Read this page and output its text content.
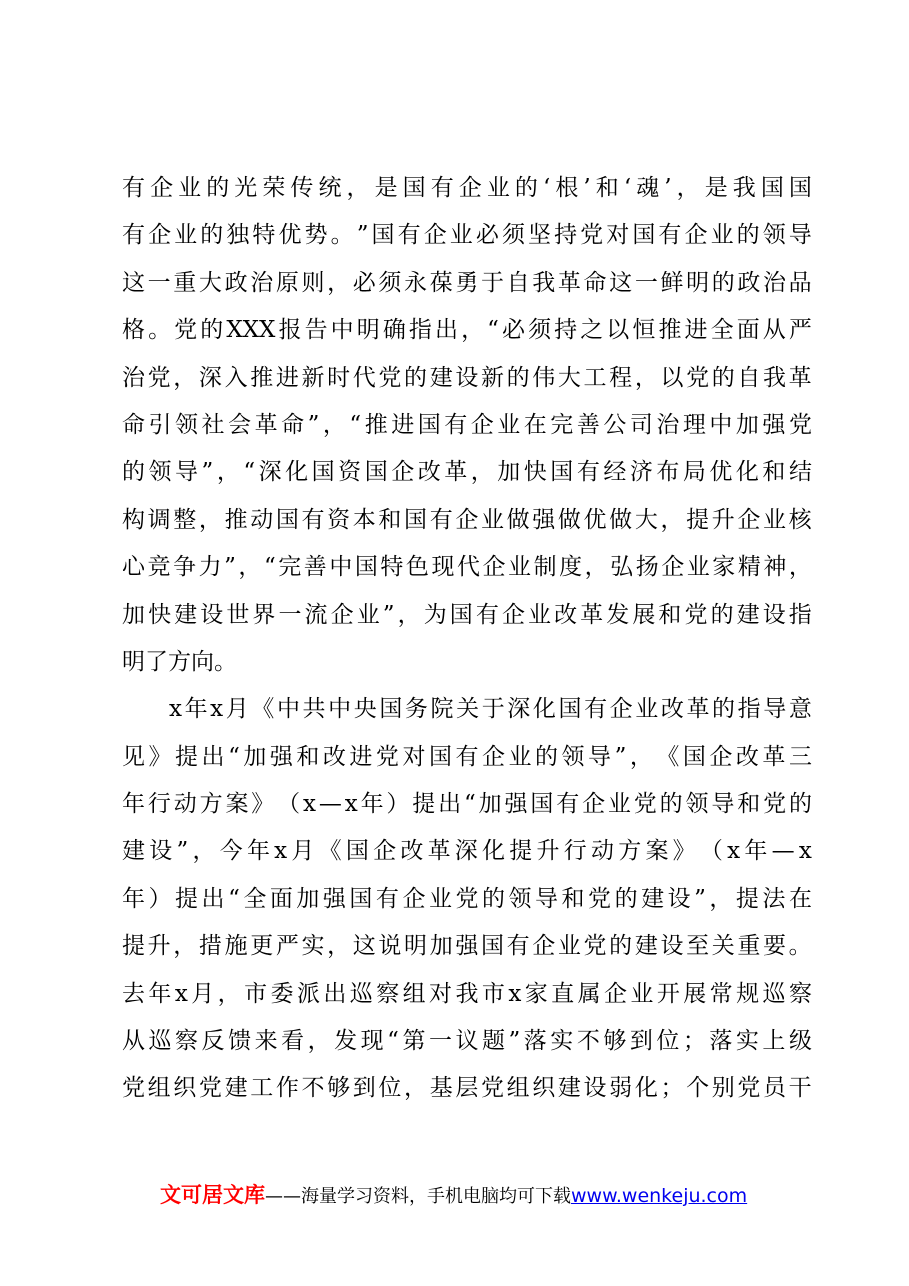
有 企 业 的 光 荣 传 统 ， 是 国 有 企 业 的 ‘ 根 ’ 和 ‘ 魂 ’ ， 是 我 国 国
有 企 业 的 独 特 优 势 。 ” 国 有 企 业 必 须 坚 持 党 对 国 有 企 业 的 领 导
这 一 重 大 政 治 原 则 ， 必 须 永 葆 勇 于 自 我 革 命 这 一 鲜 明 的 政 治 品
格 。 党 的 XXX 报 告 中 明 确 指 出 ， “ 必 须 持 之 以 恒 推 进 全 面 从 严
治 党 ， 深 入 推 进 新 时 代 党 的 建 设 新 的 伟 大 工 程 ， 以 党 的 自 我 革
命 引 领 社 会 革 命 ” ， “ 推 进 国 有 企 业 在 完 善 公 司 治 理 中 加 强 党
的 领 导 ” ， “ 深 化 国 资 国 企 改 革 ， 加 快 国 有 经 济 布 局 优 化 和 结
构 调 整 ， 推 动 国 有 资 本 和 国 有 企 业 做 强 做 优 做 大 ， 提 升 企 业 核
心 竞 争 力 ” ， “ 完 善 中 国 特 色 现 代 企 业 制 度 ， 弘 扬 企 业 家 精 神 ，
加 快 建 设 世 界 一 流 企 业 ” ， 为 国 有 企 业 改 革 发 展 和 党 的 建 设 指
明 了 方 向 。
x 年 x 月 《 中 共 中 央 国 务 院 关 于 深 化 国 有 企 业 改 革 的 指 导 意
见 》 提 出 “ 加 强 和 改 进 党 对 国 有 企 业 的 领 导 ” ， 《 国 企 改 革 三
年 行 动 方 案 》 （ x — x 年 ） 提 出 “ 加 强 国 有 企 业 党 的 领 导 和 党 的
建 设 ” ， 今 年 x 月 《 国 企 改 革 深 化 提 升 行 动 方 案 》 （ x 年 — x
年 ） 提 出 “ 全 面 加 强 国 有 企 业 党 的 领 导 和 党 的 建 设 ” ， 提 法 在
提 升 ， 措 施 更 严 实 ， 这 说 明 加 强 国 有 企 业 党 的 建 设 至 关 重 要 。
去 年 x 月 ， 市 委 派 出 巡 察 组 对 我 市 x 家 直 属 企 业 开 展 常 规 巡 察
从 巡 察 反 馈 来 看 ， 发 现 “ 第 一 议 题 ” 落 实 不 够 到 位 ； 落 实 上 级
党 组 织 党 建 工 作 不 够 到 位 ， 基 层 党 组 织 建 设 弱 化 ； 个 别 党 员 干
文可居文库——海量学习资料，手机电脑均可下载www.wenkeju.com
